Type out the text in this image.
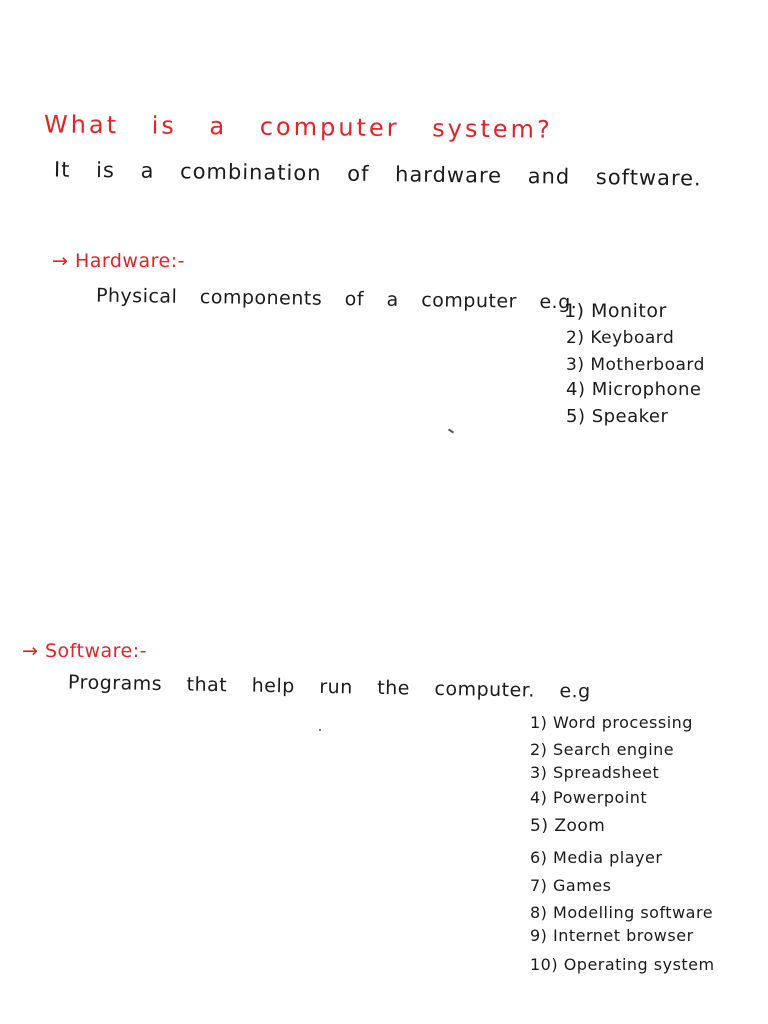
What is a computer system?
It is a combination of hardware and software.
→ Hardware:-
Physical components of a computer e.g.
1) Monitor
2) Keyboard
3) Motherboard
4) Microphone
5) Speaker
→ Software:-
Programs that help run the computer. e.g
1) Word processing
2) Search engine
3) Spreadsheet
4) Powerpoint
5) Zoom
6) Media player
7) Games
8) Modelling software
9) Internet browser
10) Operating system
